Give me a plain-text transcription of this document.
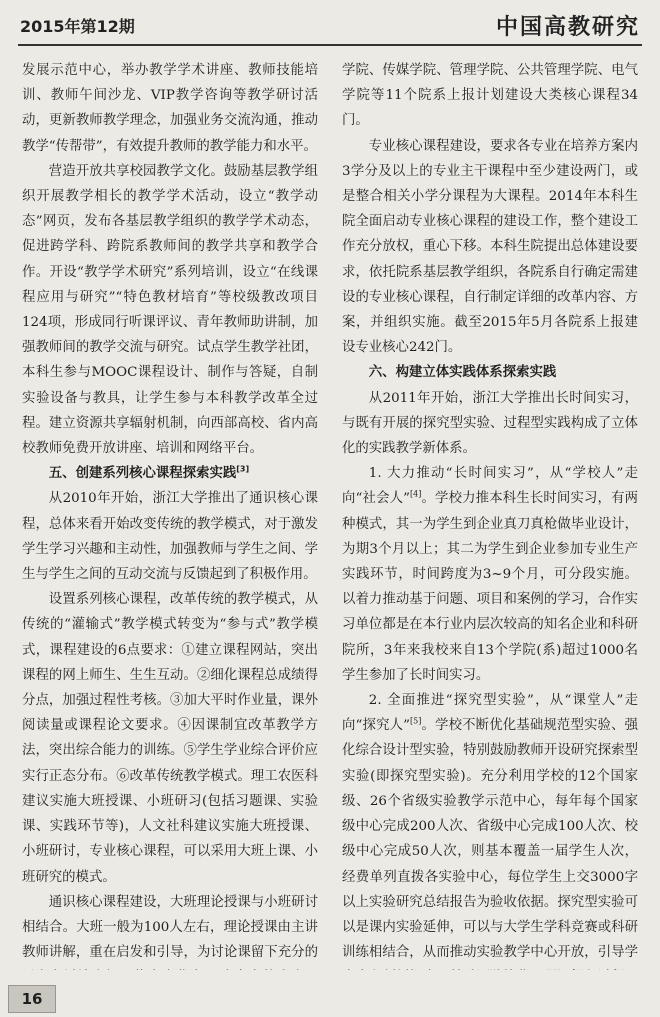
2015年第12期	中国高教研究

发展示范中心，举办教学学术讲座、教师技能培训、教师午间沙龙、VIP教学咨询等教学研讨活动，更新教师教学理念，加强业务交流沟通，推动教学“传帮带”，有效提升教师的教学能力和水平。

营造开放共享校园教学文化。鼓励基层教学组织开展教学相长的教学学术活动，设立“教学动态”网页，发布各基层教学组织的教学学术动态，促进跨学科、跨院系教师间的教学共享和教学合作。开设“教学学术研究”系列培训，设立“在线课程应用与研究”“特色教材培育”等校级教改项目124项，形成同行听课评议、青年教师助讲制，加强教师间的教学交流与研究。试点学生教学社团，本科生参与MOOC课程设计、制作与答疑，自制实验设备与教具，让学生参与本科教学改革全过程。建立资源共享辐射机制，向西部高校、省内高校教师免费开放讲座、培训和网络平台。

五、创建系列核心课程探索实践[3]

从2010年开始，浙江大学推出了通识核心课程，总体来看开始改变传统的教学模式，对于激发学生学习兴趣和主动性，加强教师与学生之间、学生与学生之间的互动交流与反馈起到了积极作用。

设置系列核心课程，改革传统的教学模式，从传统的“灌输式”教学模式转变为“参与式”教学模式，课程建设的6点要求：①建立课程网站，突出课程的网上师生、生生互动。②细化课程总成绩得分点，加强过程性考核。③加大平时作业量，课外阅读量或课程论文要求。④因课制宜改革教学方法，突出综合能力的训练。⑤学生学业综合评价应实行正态分布。⑥改革传统教学模式。理工农医科建议实施大班授课、小班研习(包括习题课、实验课、实践环节等)，人文社科建议实施大班授课、小班研讨，专业核心课程，可以采用大班上课、小班研究的模式。

通识核心课程建设，大班理论授课与小班研讨相结合。大班一般为100人左右，理论授课由主讲教师讲解，重在启发和引导，为讨论课留下充分的

学院、传媒学院、管理学院、公共管理学院、电气学院等11个院系上报计划建设大类核心课程34门。

专业核心课程建设，要求各专业在培养方案内3学分及以上的专业主干课程中至少建设两门，或是整合相关小学分课程为大课程。2014年本科生院全面启动专业核心课程的建设工作，整个建设工作充分放权，重心下移。本科生院提出总体建设要求，依托院系基层教学组织，各院系自行确定需建设的专业核心课程，自行制定详细的改革内容、方案，并组织实施。截至2015年5月各院系上报建设专业核心242门。

六、构建立体实践体系探索实践

从2011年开始，浙江大学推出长时间实习，与既有开展的探究型实验、过程型实践构成了立体化的实践教学新体系。

1. 大力推动“长时间实习”，从“学校人”走向“社会人”[4]。学校力推本科生长时间实习，有两种模式，其一为学生到企业真刀真枪做毕业设计，为期3个月以上；其二为学生到企业参加专业生产实践环节，时间跨度为3~9个月，可分段实施。以着力推动基于问题、项目和案例的学习，合作实习单位都是在本行业内层次较高的知名企业和科研院所，3年来我校来自13个学院(系)超过1000名学生参加了长时间实习。

2. 全面推进“探究型实验”，从“课堂人”走向“探究人”[5]。学校不断优化基础规范型实验、强化综合设计型实验，特别鼓励教师开设研究探索型实验(即探究型实验)。充分利用学校的12个国家级、26个省级实验教学示范中心，每年每个国家级中心完成200人次、省级中心完成100人次、校级中心完成50人次，则基本覆盖一届学生人次，经费单列直拨各实验中心，每位学生上交3000字以上实验研究总结报告为验收依据。探究型实验可以是课内实验延伸，可以与大学生学科竞赛或科研训练相结合，从而推动实验教学中心开放，引导学

16
